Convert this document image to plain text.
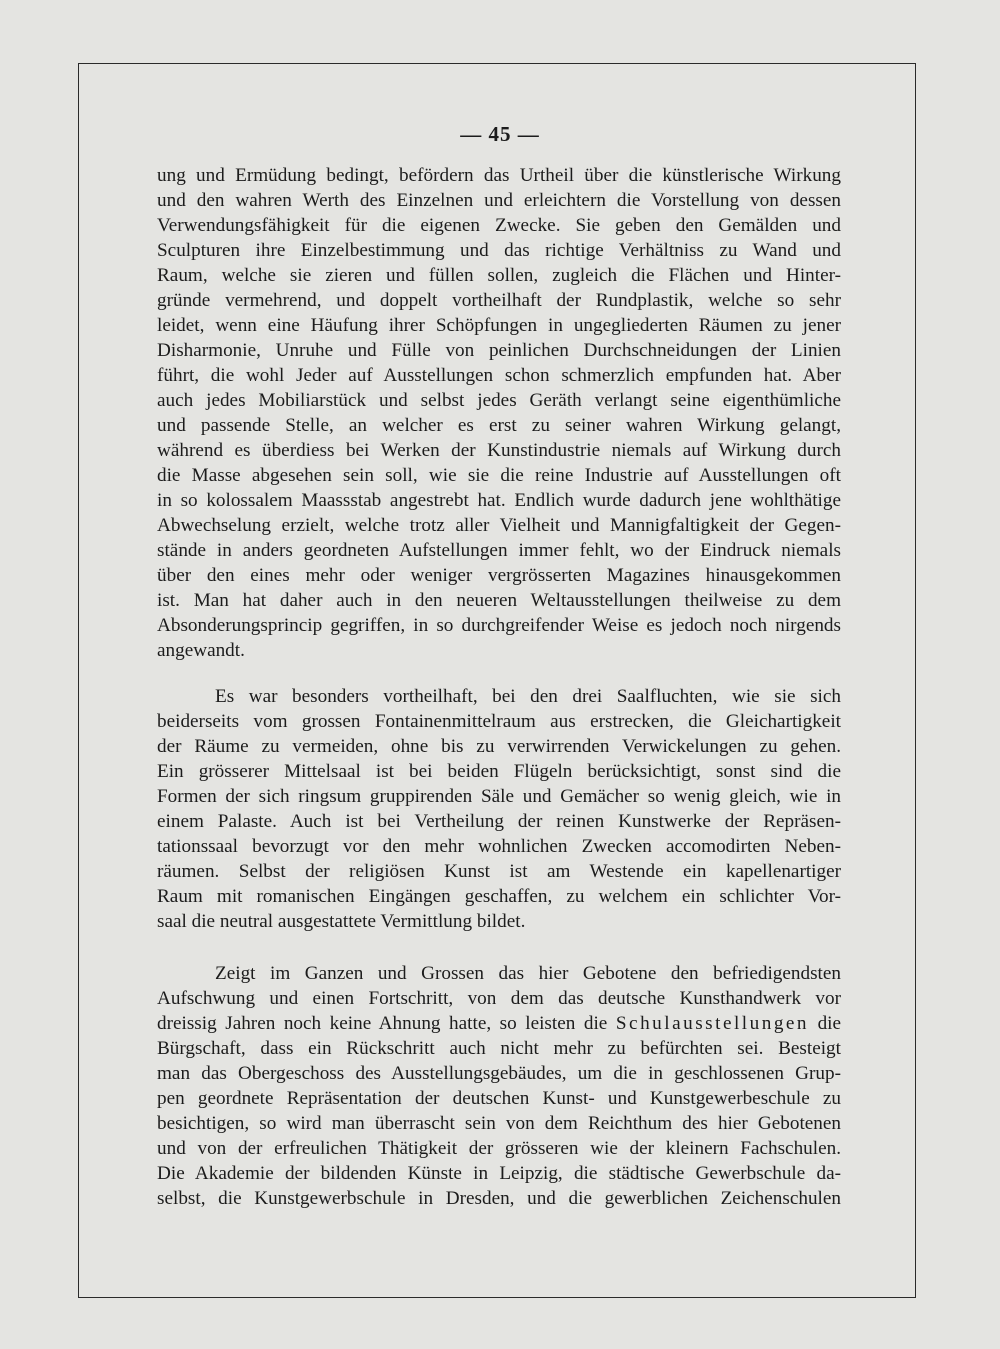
— 45 —
ung und Ermüdung bedingt, befördern das Urtheil über die künstlerische Wirkung
und den wahren Werth des Einzelnen und erleichtern die Vorstellung von dessen
Verwendungsfähigkeit für die eigenen Zwecke. Sie geben den Gemälden und
Sculpturen ihre Einzelbestimmung und das richtige Verhältniss zu Wand und
Raum, welche sie zieren und füllen sollen, zugleich die Flächen und Hinter-
gründe vermehrend, und doppelt vortheilhaft der Rundplastik, welche so sehr
leidet, wenn eine Häufung ihrer Schöpfungen in ungegliederten Räumen zu jener
Disharmonie, Unruhe und Fülle von peinlichen Durchschneidungen der Linien
führt, die wohl Jeder auf Ausstellungen schon schmerzlich empfunden hat. Aber
auch jedes Mobiliarstück und selbst jedes Geräth verlangt seine eigenthümliche
und passende Stelle, an welcher es erst zu seiner wahren Wirkung gelangt,
während es überdiess bei Werken der Kunstindustrie niemals auf Wirkung durch
die Masse abgesehen sein soll, wie sie die reine Industrie auf Ausstellungen oft
in so kolossalem Maassstab angestrebt hat. Endlich wurde dadurch jene wohlthätige
Abwechselung erzielt, welche trotz aller Vielheit und Mannigfaltigkeit der Gegen-
stände in anders geordneten Aufstellungen immer fehlt, wo der Eindruck niemals
über den eines mehr oder weniger vergrösserten Magazines hinausgekommen
ist. Man hat daher auch in den neueren Weltausstellungen theilweise zu dem
Absonderungsprincip gegriffen, in so durchgreifender Weise es jedoch noch nirgends
angewandt.
Es war besonders vortheilhaft, bei den drei Saalfluchten, wie sie sich
beiderseits vom grossen Fontainenmittelraum aus erstrecken, die Gleichartigkeit
der Räume zu vermeiden, ohne bis zu verwirrenden Verwickelungen zu gehen.
Ein grösserer Mittelsaal ist bei beiden Flügeln berücksichtigt, sonst sind die
Formen der sich ringsum gruppirenden Säle und Gemächer so wenig gleich, wie in
einem Palaste. Auch ist bei Vertheilung der reinen Kunstwerke der Repräsen-
tationssaal bevorzugt vor den mehr wohnlichen Zwecken accomodirten Neben-
räumen. Selbst der religiösen Kunst ist am Westende ein kapellenartiger
Raum mit romanischen Eingängen geschaffen, zu welchem ein schlichter Vor-
saal die neutral ausgestattete Vermittlung bildet.
Zeigt im Ganzen und Grossen das hier Gebotene den befriedigendsten
Aufschwung und einen Fortschritt, von dem das deutsche Kunsthandwerk vor
dreissig Jahren noch keine Ahnung hatte, so leisten die Schulausstellungen die
Bürgschaft, dass ein Rückschritt auch nicht mehr zu befürchten sei. Besteigt
man das Obergeschoss des Ausstellungsgebäudes, um die in geschlossenen Grup-
pen geordnete Repräsentation der deutschen Kunst- und Kunstgewerbeschule zu
besichtigen, so wird man überrascht sein von dem Reichthum des hier Gebotenen
und von der erfreulichen Thätigkeit der grösseren wie der kleinern Fachschulen.
Die Akademie der bildenden Künste in Leipzig, die städtische Gewerbschule da-
selbst, die Kunstgewerbschule in Dresden, und die gewerblichen Zeichenschulen
